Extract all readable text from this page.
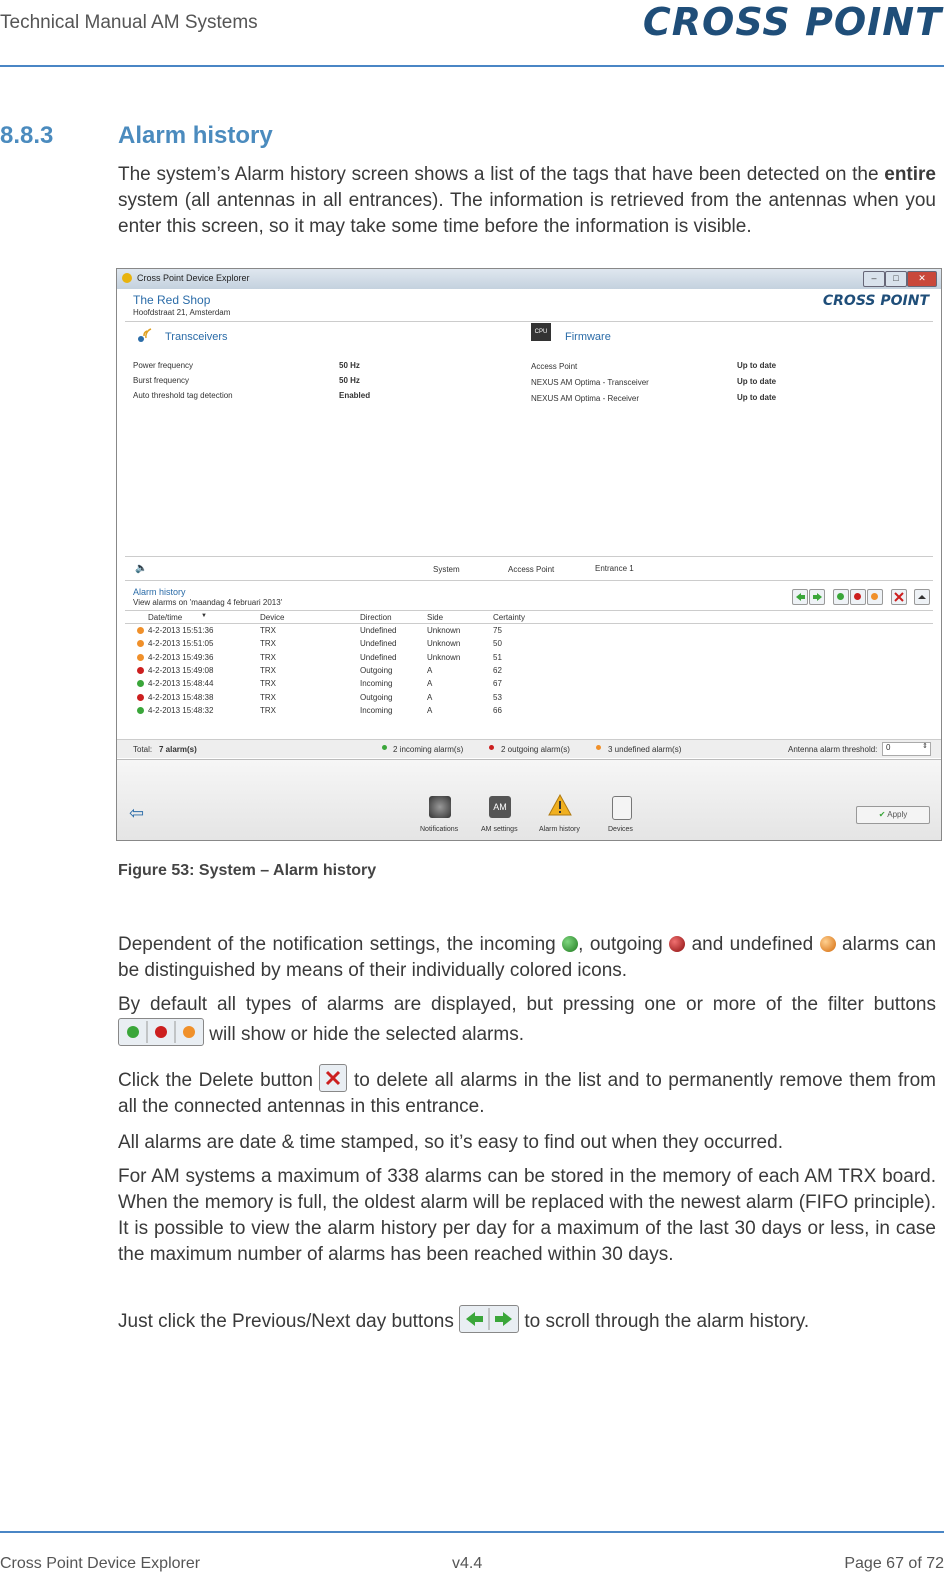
Technical Manual AM Systems	CROSS POINT
8.8.3	Alarm history
The system’s Alarm history screen shows a list of the tags that have been detected on the entire system (all antennas in all entrances). The information is retrieved from the antennas when you enter this screen, so it may take some time before the information is visible.
Cross Point Device Explorer	–	□	✕
The Red Shop
Hoofdstraat 21, Amsterdam
CROSS POINT
Transceivers
Power frequency	50 Hz
Burst frequency	50 Hz
Auto threshold tag detection	Enabled
CPU	Firmware
Access Point	Up to date
NEXUS AM Optima - Transceiver	Up to date
NEXUS AM Optima - Receiver	Up to date
🔈	System	Access Point	Entrance 1
Alarm history
View alarms on 'maandag 4 februari 2013'
Date/time	▼	Device	Direction	Side	Certainty
4-2-2013 15:51:36	TRX	Undefined	Unknown	75
4-2-2013 15:51:05	TRX	Undefined	Unknown	50
4-2-2013 15:49:36	TRX	Undefined	Unknown	51
4-2-2013 15:49:08	TRX	Outgoing	A	62
4-2-2013 15:48:44	TRX	Incoming	A	67
4-2-2013 15:48:38	TRX	Outgoing	A	53
4-2-2013 15:48:32	TRX	Incoming	A	66
Total: 7 alarm(s)	2 incoming alarm(s)	2 outgoing alarm(s)	3 undefined alarm(s)	Antenna alarm threshold:	0	⇕
⇦
Notifications
AM
AM settings	Alarm history	Devices
✔ Apply
Figure 53: System – Alarm history
Dependent of the notification settings, the incoming , outgoing and undefined alarms can be distinguished by means of their individually colored icons.
By default all types of alarms are displayed, but pressing one or more of the filter buttons  will show or hide the selected alarms.
Click the Delete button to delete all alarms in the list and to permanently remove them from all the connected antennas in this entrance.
All alarms are date & time stamped, so it’s easy to find out when they occurred.
For AM systems a maximum of 338 alarms can be stored in the memory of each AM TRX board. When the memory is full, the oldest alarm will be replaced with the newest alarm (FIFO principle). It is possible to view the alarm history per day for a maximum of the last 30 days or less, in case the maximum number of alarms has been reached within 30 days.
Just click the Previous/Next day buttons	to scroll through the alarm history.
Cross Point Device Explorer	v4.4	Page 67 of 72
